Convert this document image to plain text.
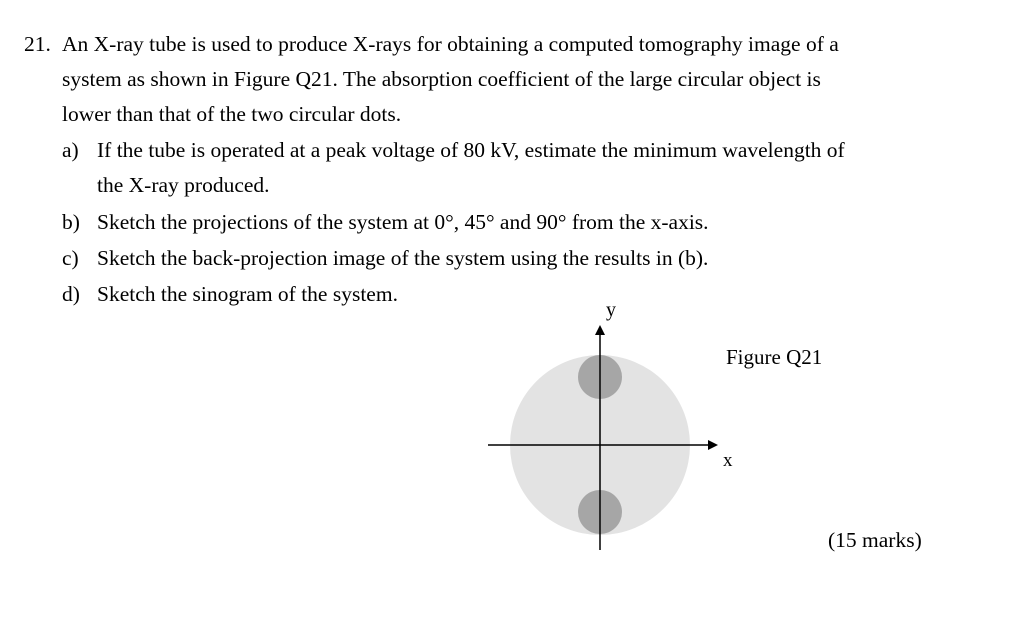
21. An X-ray tube is used to produce X-rays for obtaining a computed tomography image of a
system as shown in Figure Q21. The absorption coefficient of the large circular object is
lower than that of the two circular dots.
a) If the tube is operated at a peak voltage of 80 kV, estimate the minimum wavelength of
the X-ray produced.
b) Sketch the projections of the system at 0°, 45° and 90° from the x-axis.
c) Sketch the back-projection image of the system using the results in (b).
d) Sketch the sinogram of the system.
y
x
Figure Q21
(15 marks)
